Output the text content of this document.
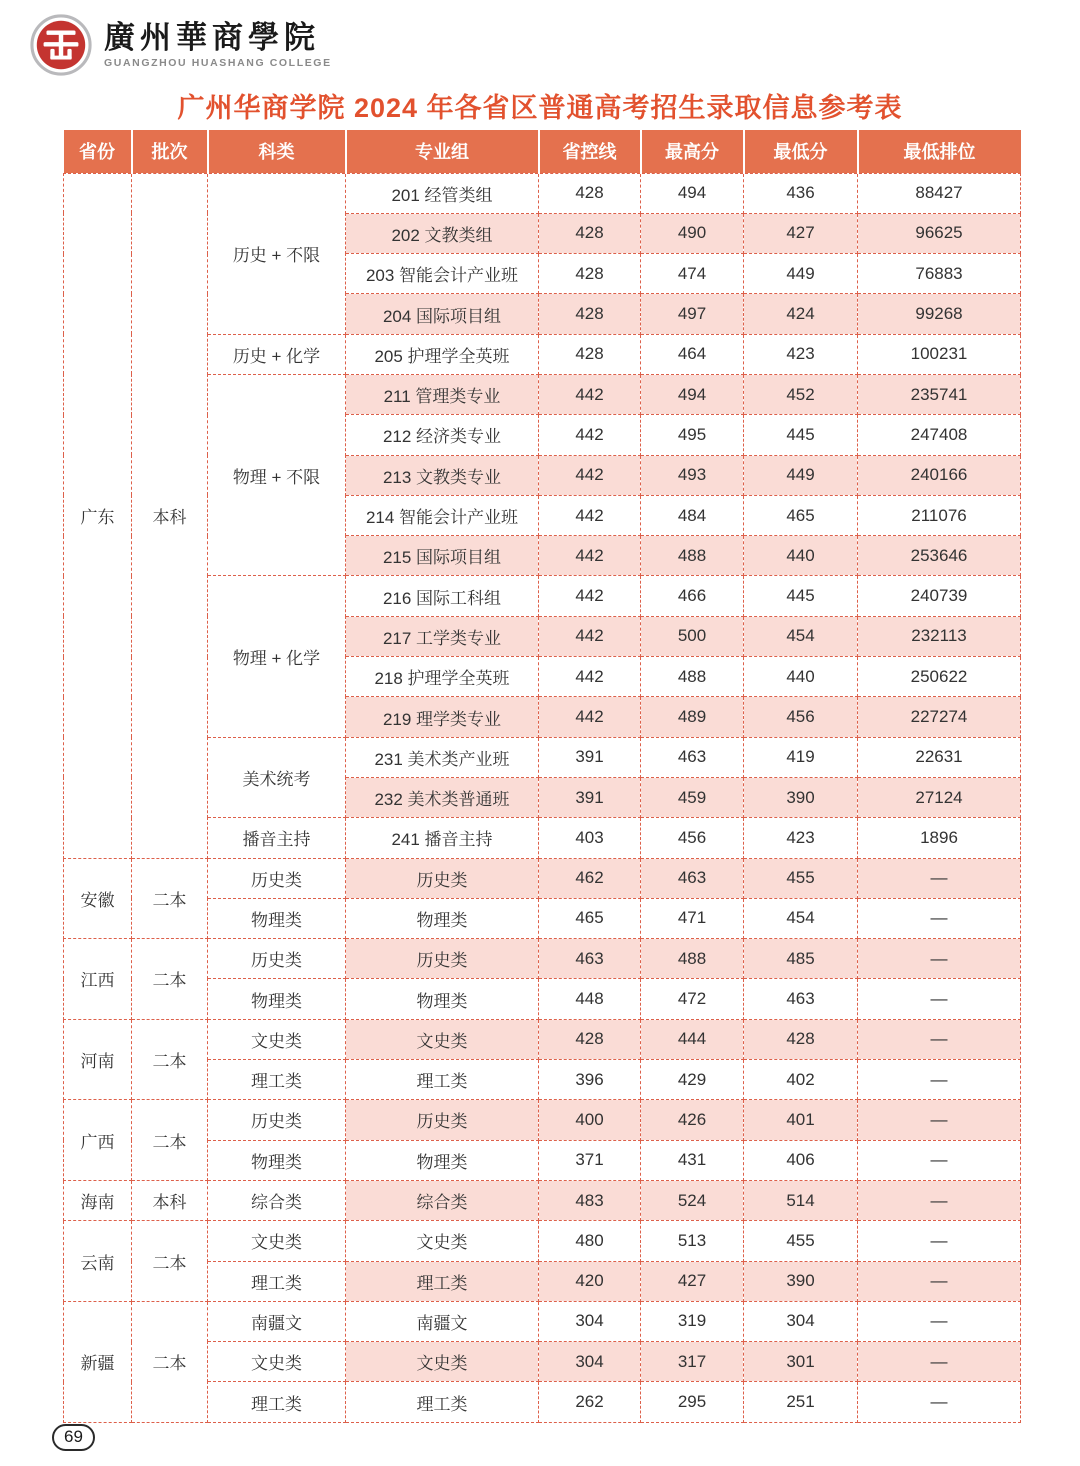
廣州華商學院
GUANGZHOU HUASHANG COLLEGE
广州华商学院 2024 年各省区普通高考招生录取信息参考表
省份	批次	科类	专业组	省控线	最高分	最低分	最低排位
广东	本科	历史 + 不限	201 经管类组	428	494	436	88427
			202 文教类组	428	490	427	96625
			203 智能会计产业班	428	474	449	76883
			204 国际项目组	428	497	424	99268
		历史 + 化学	205 护理学全英班	428	464	423	100231
		物理 + 不限	211 管理类专业	442	494	452	235741
			212 经济类专业	442	495	445	247408
			213 文教类专业	442	493	449	240166
			214 智能会计产业班	442	484	465	211076
			215 国际项目组	442	488	440	253646
		物理 + 化学	216 国际工科组	442	466	445	240739
			217 工学类专业	442	500	454	232113
			218 护理学全英班	442	488	440	250622
			219 理学类专业	442	489	456	227274
		美术统考	231 美术类产业班	391	463	419	22631
			232 美术类普通班	391	459	390	27124
		播音主持	241 播音主持	403	456	423	1896
安徽	二本	历史类	历史类	462	463	455	—
		物理类	物理类	465	471	454	—
江西	二本	历史类	历史类	463	488	485	—
		物理类	物理类	448	472	463	—
河南	二本	文史类	文史类	428	444	428	—
		理工类	理工类	396	429	402	—
广西	二本	历史类	历史类	400	426	401	—
		物理类	物理类	371	431	406	—
海南	本科	综合类	综合类	483	524	514	—
云南	二本	文史类	文史类	480	513	455	—
		理工类	理工类	420	427	390	—
新疆	二本	南疆文	南疆文	304	319	304	—
		文史类	文史类	304	317	301	—
		理工类	理工类	262	295	251	—
69
